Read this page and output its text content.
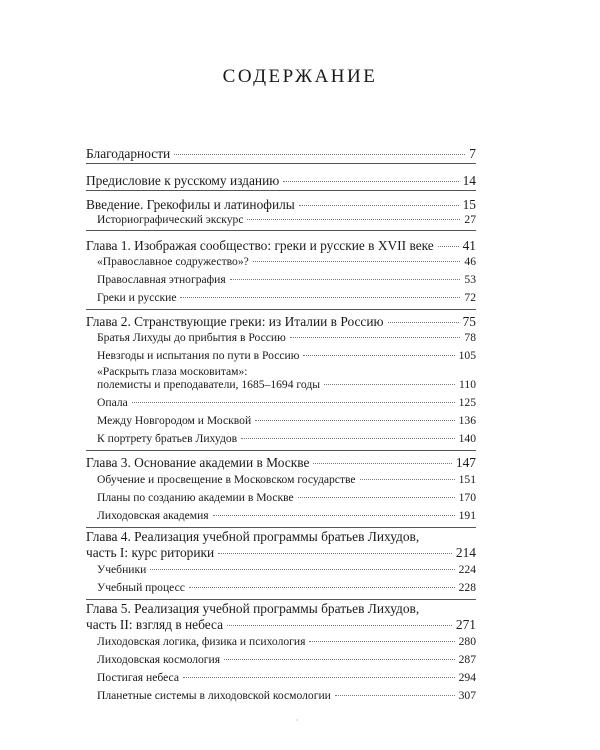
СОДЕРЖАНИЕ
Благодарности	7
Предисловие к русскому изданию	14
Введение. Грекофилы и латинофилы	15
Историографический экскурс	27
Глава 1. Изображая сообщество: греки и русские в XVII веке 41
«Православное содружество»?	46
Православная этнография	53
Греки и русские	72
Глава 2. Странствующие греки: из Италии в Россию	75
Братья Лихуды до прибытия в Россию	78
Невзгоды и испытания по пути в Россию	105
«Раскрыть глаза московитам»:
полемисты и преподаватели, 1685–1694 годы	110
Опала	125
Между Новгородом и Москвой	136
К портрету братьев Лихудов	140
Глава 3. Основание академии в Москве	147
Обучение и просвещение в Московском государстве	151
Планы по созданию академии в Москве	170
Лиходовская академия	191
Глава 4. Реализация учебной программы братьев Лихудов,
часть I: курс риторики	214
Учебники	224
Учебный процесс	228
Глава 5. Реализация учебной программы братьев Лихудов,
часть II: взгляд в небеса	271
Лиходовская логика, физика и психология	280
Лиходовская космология	287
Постигая небеса	294
Планетные системы в лиходовской космологии	307
·
